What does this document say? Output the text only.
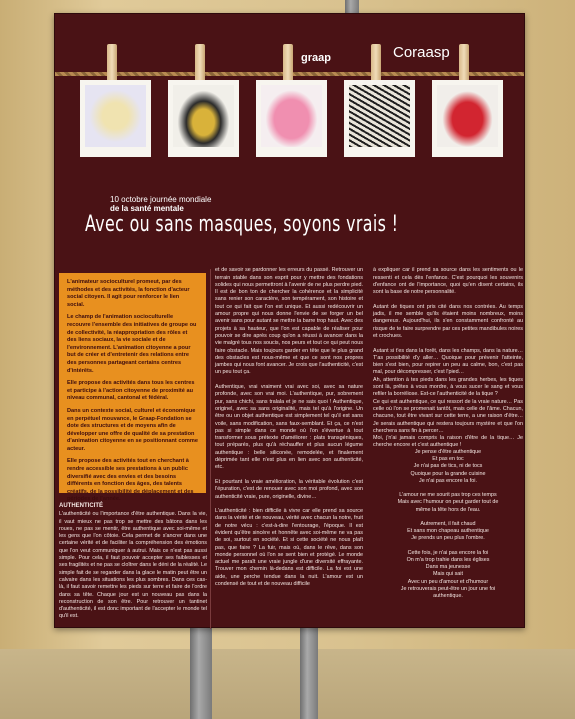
graap	Coraasp
10 octobre journée mondiale
de la santé mentale
Avec ou sans masques, soyons vrais !

L'animateur socioculturel promeut, par des méthodes et des activités, la fonction d'acteur social citoyen. Il agit pour renforcer le lien social.

Le champ de l'animation socioculturelle recouvre l'ensemble des initiatives de groupe ou de collectivité, la réappropriation des rôles et des liens sociaux, la vie sociale et de l'environnement. L'animation citoyenne a pour but de créer et d'entretenir des relations entre des personnes partageant certains centres d'intérêts.

Elle propose des activités dans tous les centres et participe à l'action citoyenne de proximité au niveau communal, cantonal et fédéral.

Dans un contexte social, culturel et économique en perpétuel mouvance, le Graap-Fondation se dote des structures et de moyens afin de développer une offre de qualité de sa prestation d'animation citoyenne en se positionnant comme acteur.

Elle propose des activités tout en cherchant à rendre accessible ses prestations à un public diversifié avec des envies et des besoins différents en fonction des âges, des talents créatifs, de la possibilité de déplacement et des périodes de l'année.

AUTHENTICITÉ
L'authenticité ou l'importance d'être authentique. Dans la vie, il vaut mieux ne pas trop se mettre des bâtons dans les roues, ne pas se mentir, être authentique avec soi-même et les gens que l'on côtoie. Cela permet de s'ancrer dans une certaine vérité et de faciliter la compréhension des émotions que l'on veut communiquer à autrui. Mais ce n'est pas aussi simple. Pour cela, il faut pouvoir accepter ses faiblesses et ses fragilités et ne pas se cloîtrer dans le déni de la réalité. Le simple fait de se regarder dans la glace le matin peut être un calvaire dans les situations les plus sombres. Dans ces cas-là, il faut savoir remettre les pieds sur terre et faire de l'ordre dans sa tête. Chaque jour est un nouveau pas dans la reconstruction de son être. Pour retrouver un tantinet d'authenticité, il est donc important de l'accepter le monde tel qu'il est.

et de savoir se pardonner les erreurs du passé. Retrouver un terrain stable dans son esprit pour y mettre des fondations solides qui nous permettront à l'avenir de ne plus perdre pied. Il est de bon ton de chercher la cohérence et la simplicité sans renier son caractère, son tempérament, son histoire et tout ce qui fait que l'on est unique. Et aussi redécouvrir un amour propre qui nous donne l'envie de se forger un bel avenir sans pour autant se mettre la barre trop haut. Avec des projets à sa hauteur, que l'on est capable de réaliser pour pouvoir se dire après coup qu'on a réussi à avancer dans la vie malgré tous nos soucis, nos peurs et tout ce qui peut nous faire obstacle. Mais toujours garder en tête que le plus grand des obstacles est nous-même et que ce sont nos propres jambes qui nous font avancer. Je crois que l'authenticité, c'est un peu tout ça.

Authentique, vrai vraiment vrai avec soi, avec sa nature profonde, avec son vrai moi. L'authentique, pur, sobrement pur, sans chichi, sans tralala et je ne sais quoi ! Authentique, originel, avec sa sans originalité, mais tel qu'à l'origine. Un être ou un objet authentique est simplement tel qu'il est sans voile, sans modification, sans faux-semblant. Et ça, ce n'est pas si simple dans ce monde où l'on s'évertue à tout transformer sous prétexte d'améliorer : plats transgéniques, tout préparés, plus qu'à réchauffer et plus aucun légume authentique : belle siliconée, remodelée, et finalement déprimée tant elle n'est plus en lien avec son authenticité, etc.

Et pourtant la vraie amélioration, la véritable évolution c'est l'épuration, c'est de renouer avec son moi profond, avec son authenticité vraie, pure, originelle, divine…

L'authenticité : bien difficile à vivre car elle prend sa source dans la vérité et de nouveau, vérité avec chacun la notre, fruit de notre vécu : c'est-à-dire l'entourage, l'époque. Il est évident qu'être sincère et honnête avec soi-même ne va pas de soi, surtout en société. Et si cette société ne nous plaît pas, que faire ? La fuir, mais où, dans le rêve, dans son monde personnel où l'on se sent bien et protégé. Le monde actuel me paraît une vraie jungle d'une diversité effrayante. Trouver mon chemin là-dedans est difficile. La foi est une aide, une perche tendue dans la nuit. L'amour est un condensé de tout et de nouveau difficile

à expliquer car il prend sa source dans les sentiments ou le ressenti et cela dès l'enfance. C'est pourquoi les souvenirs d'enfance ont de l'importance, quoi qu'en disent certains, ils sont la base de notre personnalité.

Autant de tiques ont pris cité dans nos contrées. Au temps jadis, il me semble qu'ils étaient moins nombreux, moins dangereux. Aujourd'hui, ils s'en constamment confronté au risque de te faire surprendre par ces petites mandibules noires et crochues.

Autant si t'es dans la forêt, dans les champs, dans la nature… T'as possibilité d'y aller… Quoique pour prévenir l'atteinte, bien s'est bien, pour repirer un peu au calme, bon, c'est pas mal, pour décompresser, c'est l'pied…
Ah, attention à tes pieds dans les grandes herbes, les tiques sont là, prêtes à vous mordre, à vous sucer le sang et vous refiler la borréliose. Est-ce l'authenticité de la tique ?
Ce qui est authentique, ce qui ressort de la vraie nature… Pas celle où l'on se promenait tantôt, mais celle de l'âme. Chacun, chacune, tout être vivant sur cette terre, a une raison d'être… Je serais authentique qui restera toujours mystère et que l'on cherchera sans fin à percer…
Moi, j'n'ai jamais compris la raison d'être de la tique… Je cherche encore et c'est authentique !

Je pense d'être authentique
Et pas en toc
Je n'ai pas de tics, ni de tocs
Quoique pour la grande cuisine
Je n'ai pas encore la foi.

L'amour ne me sourit pas trop ces temps
Mais avec l'humour on peut garder tout de
même la tête hors de l'eau.

Autrement, il fait chaud
Et sans mon chapeau authentique
Je prends un peu plus l'ombre.

Cette fois, je n'ai pas encore la foi
On m'a trop trahie dans les églises
Dans ma jeunesse
Mais qui sait
Avec un peu d'amour et d'humour
Je retrouverais peut-être un jour une foi
authentique.
